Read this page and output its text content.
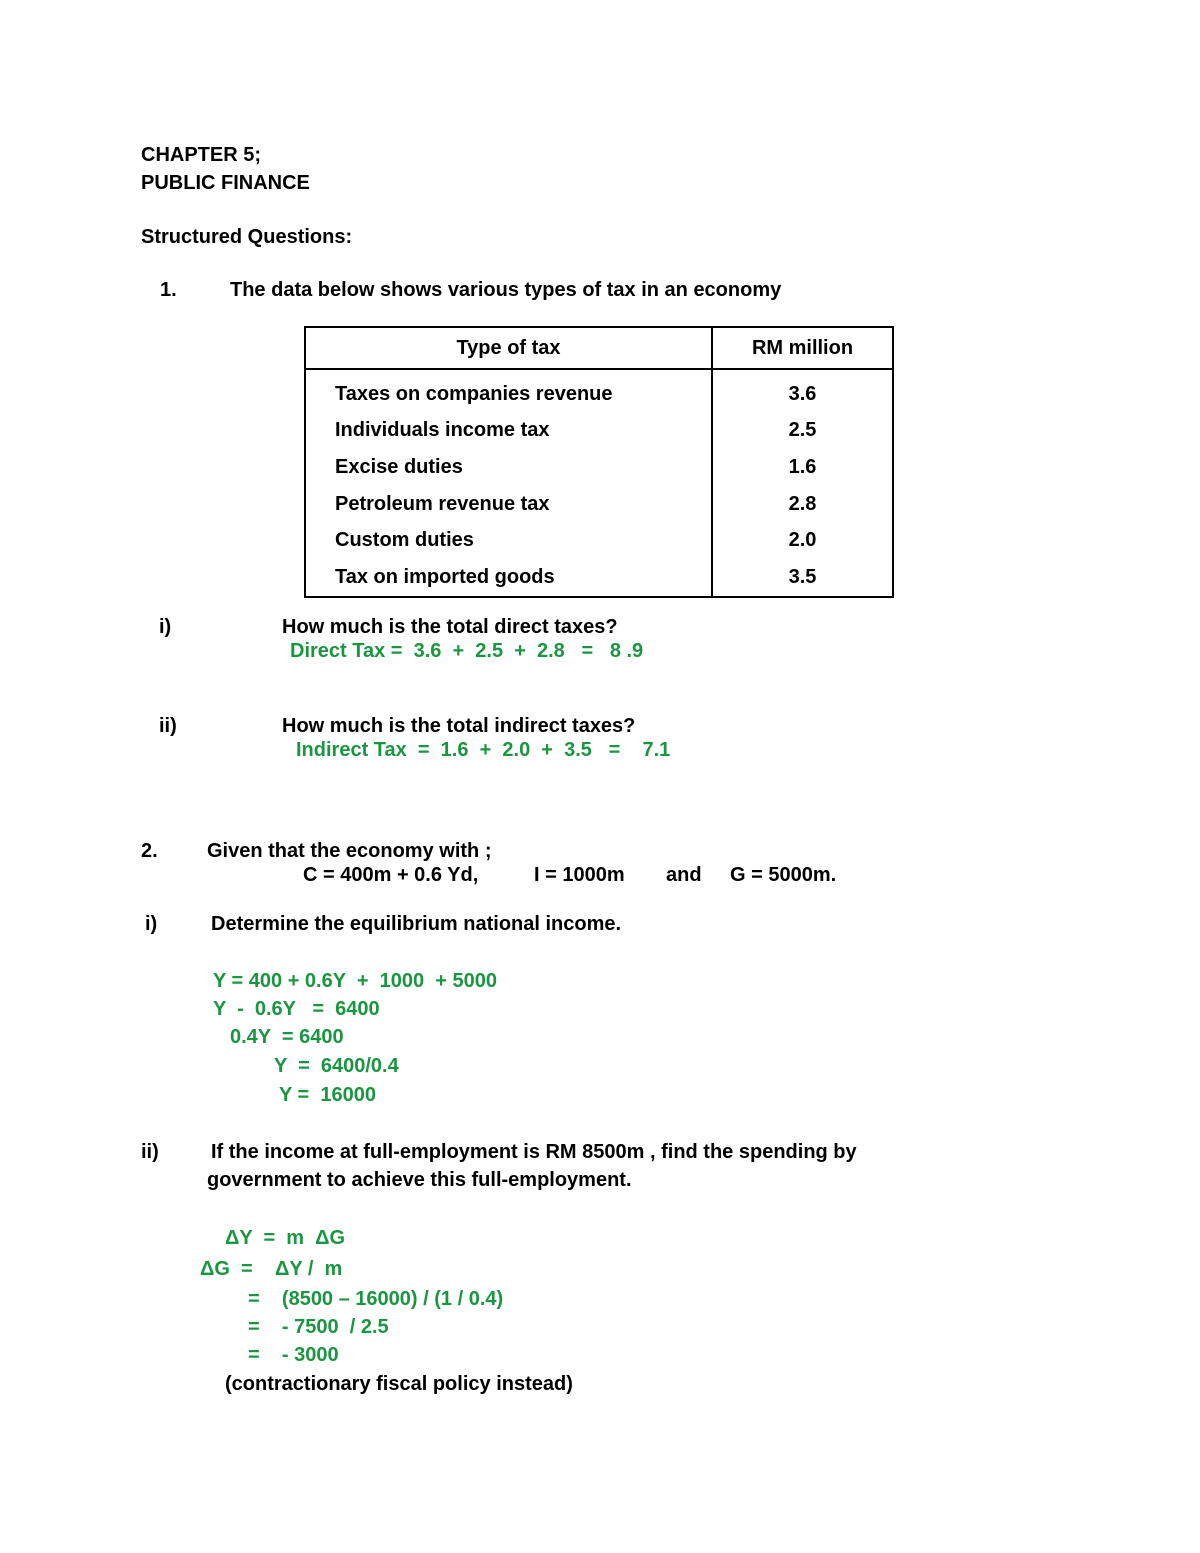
CHAPTER 5;
PUBLIC FINANCE
Structured Questions:
1.	The data below shows various types of tax in an economy
Type of tax	RM million
Taxes on companies revenue	3.6
Individuals income tax	2.5
Excise duties	1.6
Petroleum revenue tax	2.8
Custom duties	2.0
Tax on imported goods	3.5
i)	How much is the total direct taxes?
Direct Tax =  3.6  +  2.5  +  2.8   =   8 .9
ii)	How much is the total indirect taxes?
Indirect Tax  =  1.6  +  2.0  +  3.5   =    7.1
2. Given that the economy with ;
C = 400m + 0.6 Yd,	I = 1000m and G = 5000m.
i)	Determine the equilibrium national income.
Y = 400 + 0.6Y  +  1000  + 5000
Y  -  0.6Y   =  6400
0.4Y  = 6400
Y  =  6400/0.4
Y =  16000
ii)	If the income at full-employment is RM 8500m , find the spending by
government to achieve this full-employment.
ΔY  =  m  ΔG
ΔG  =    ΔY /  m
=    (8500 – 16000) / (1 / 0.4)
=    - 7500  / 2.5
=    - 3000
(contractionary fiscal policy instead)
